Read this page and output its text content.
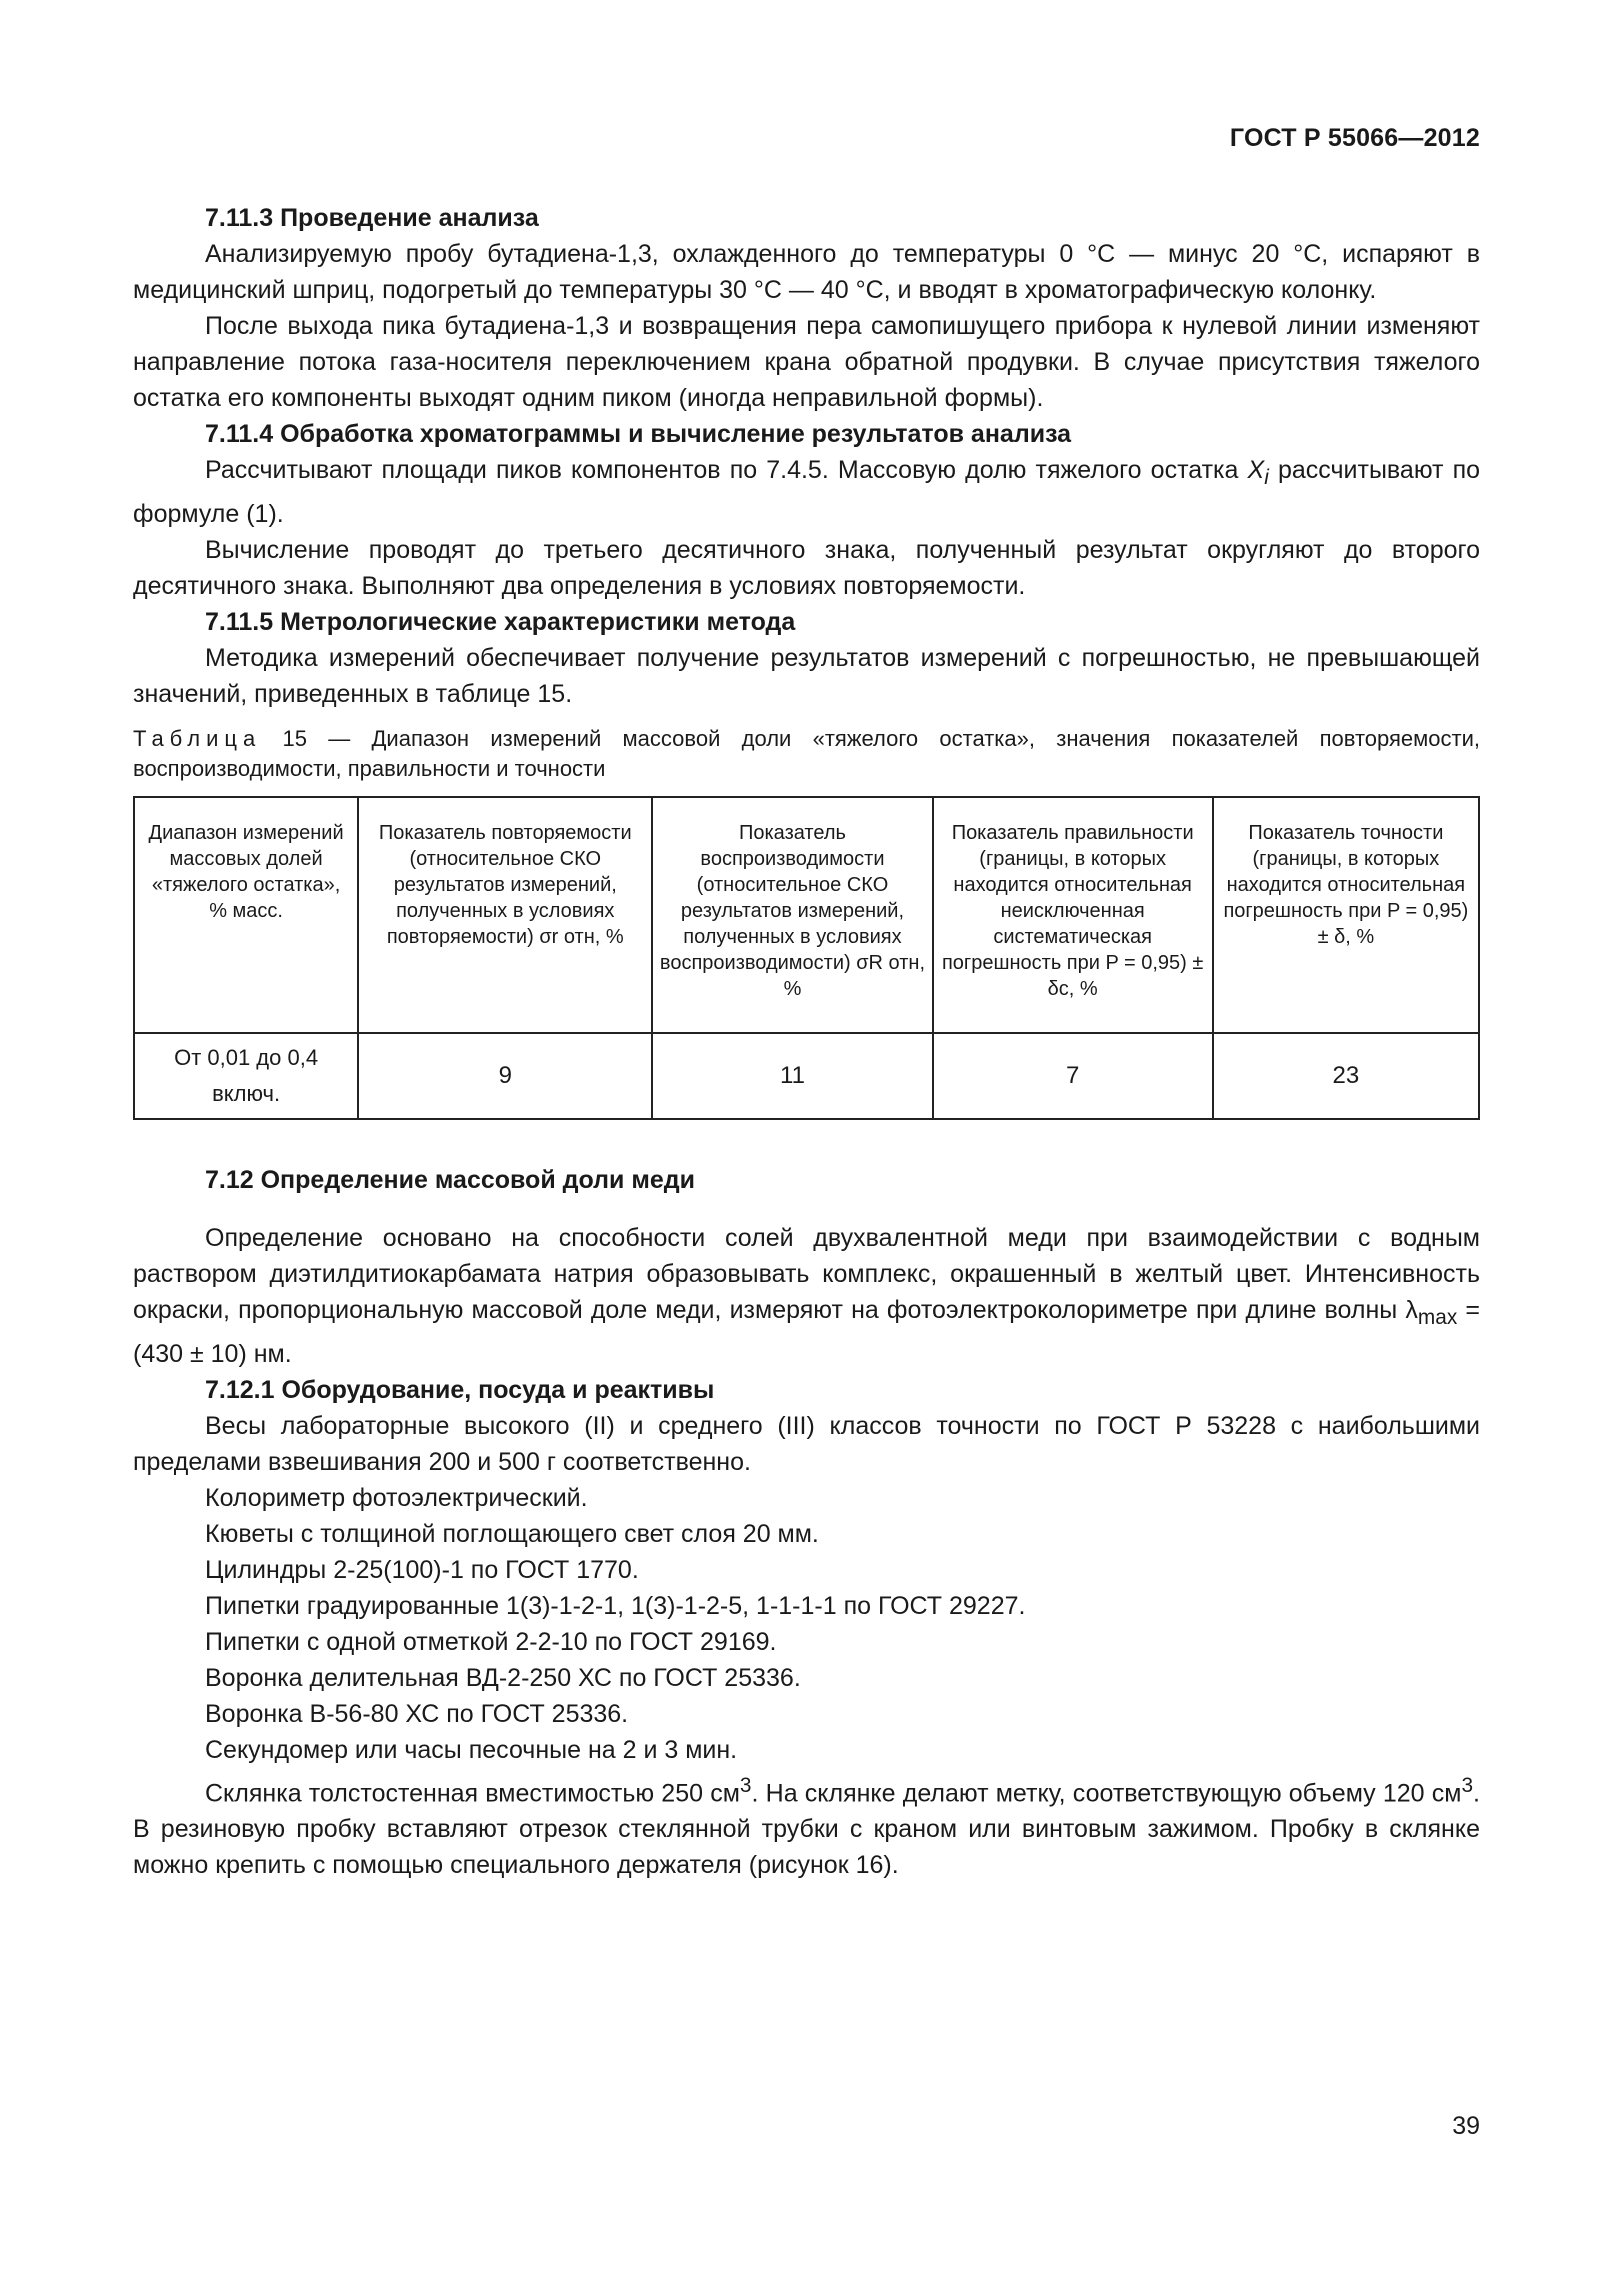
ГОСТ Р 55066—2012

7.11.3 Проведение анализа

Анализируемую пробу бутадиена-1,3, охлажденного до температуры 0 °С — минус 20 °С, испаряют в медицинский шприц, подогретый до температуры 30 °С — 40 °С, и вводят в хроматографическую колонку.

После выхода пика бутадиена-1,3 и возвращения пера самопишущего прибора к нулевой линии изменяют направление потока газа-носителя переключением крана обратной продувки. В случае присутствия тяжелого остатка его компоненты выходят одним пиком (иногда неправильной формы).

7.11.4 Обработка хроматограммы и вычисление результатов анализа

Рассчитывают площади пиков компонентов по 7.4.5. Массовую долю тяжелого остатка $X_i$ рассчитывают по формуле (1).

Вычисление проводят до третьего десятичного знака, полученный результат округляют до второго десятичного знака. Выполняют два определения в условиях повторяемости.

7.11.5 Метрологические характеристики метода

Методика измерений обеспечивает получение результатов измерений с погрешностью, не превышающей значений, приведенных в таблице 15.

Таблица 15 — Диапазон измерений массовой доли «тяжелого остатка», значения показателей повторяемости, воспроизводимости, правильности и точности
Диапазон измерений массовых долей «тяжелого остатка», % масс.	Показатель повторяемости (относительное СКО результатов измерений, полученных в условиях повторяемости) σr отн, %	Показатель воспроизводимости (относительное СКО результатов измерений, полученных в условиях воспроизводимости) σR отн, %	Показатель правильности (границы, в которых находится относительная неисключенная систематическая погрешность при P = 0,95) ± δc, %	Показатель точности (границы, в которых находится относительная погрешность при P = 0,95) ± δ, %
От 0,01 до 0,4 включ.	9	11	7	23

7.12 Определение массовой доли меди

Определение основано на способности солей двухвалентной меди при взаимодействии с водным раствором диэтилдитиокарбамата натрия образовывать комплекс, окрашенный в желтый цвет. Интенсивность окраски, пропорциональную массовой доле меди, измеряют на фотоэлектроколориметре при длине волны $\lambda_{max} = (430 \pm 10)$ нм.

7.12.1 Оборудование, посуда и реактивы

Весы лабораторные высокого (II) и среднего (III) классов точности по ГОСТ Р 53228 с наибольшими пределами взвешивания 200 и 500 г соответственно.

Колориметр фотоэлектрический.

Кюветы с толщиной поглощающего свет слоя 20 мм.

Цилиндры 2-25(100)-1 по ГОСТ 1770.

Пипетки градуированные 1(3)-1-2-1, 1(3)-1-2-5, 1-1-1-1 по ГОСТ 29227.

Пипетки с одной отметкой 2-2-10 по ГОСТ 29169.

Воронка делительная ВД-2-250 ХС по ГОСТ 25336.

Воронка В-56-80 ХС по ГОСТ 25336.

Секундомер или часы песочные на 2 и 3 мин.

Склянка толстостенная вместимостью 250 $см^3$. На склянке делают метку, соответствующую объему 120 $см^3$. В резиновую пробку вставляют отрезок стеклянной трубки с краном или винтовым зажимом. Пробку в склянке можно крепить с помощью специального держателя (рисунок 16).

39
